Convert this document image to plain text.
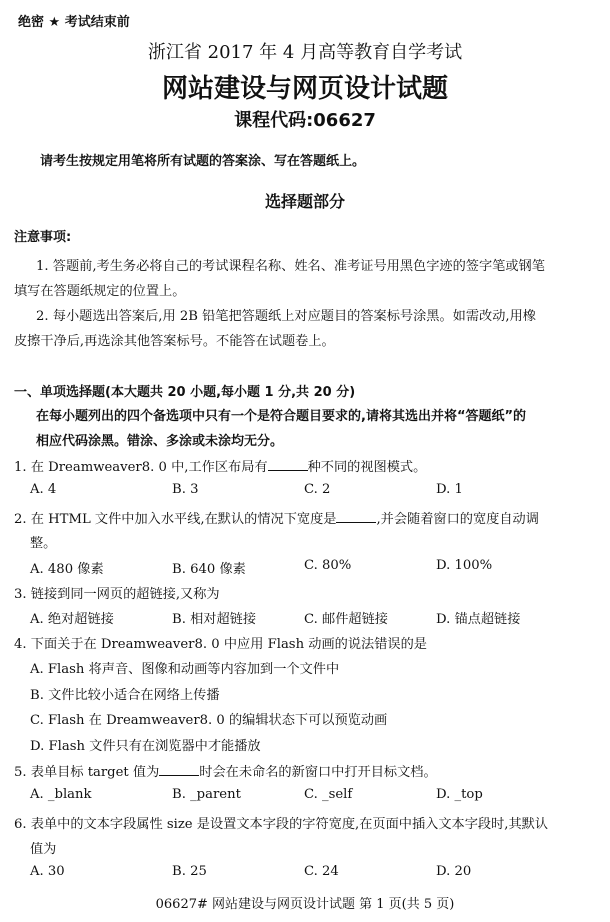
绝密 ★ 考试结束前
浙江省 2017 年 4 月高等教育自学考试
网站建设与网页设计试题
课程代码:06627
请考生按规定用笔将所有试题的答案涂、写在答题纸上。
选择题部分
注意事项:
1. 答题前,考生务必将自己的考试课程名称、姓名、准考证号用黑色字迹的签字笔或钢笔
填写在答题纸规定的位置上。
2. 每小题选出答案后,用 2B 铅笔把答题纸上对应题目的答案标号涂黑。如需改动,用橡
皮擦干净后,再选涂其他答案标号。不能答在试题卷上。
一、单项选择题(本大题共 20 小题,每小题 1 分,共 20 分)
在每小题列出的四个备选项中只有一个是符合题目要求的,请将其选出并将“答题纸”的
相应代码涂黑。错涂、多涂或未涂均无分。
1. 在 Dreamweaver8. 0 中,工作区布局有	种不同的视图模式。
A. 4	B. 3	C. 2	D. 1
2. 在 HTML 文件中加入水平线,在默认的情况下宽度是	,并会随着窗口的宽度自动调
整。
A. 480 像素	B. 640 像素	C. 80%	D. 100%
3. 链接到同一网页的超链接,又称为
A. 绝对超链接	B. 相对超链接	C. 邮件超链接	D. 锚点超链接
4. 下面关于在 Dreamweaver8. 0 中应用 Flash 动画的说法错误的是
A. Flash 将声音、图像和动画等内容加到一个文件中
B. 文件比较小适合在网络上传播
C. Flash 在 Dreamweaver8. 0 的编辑状态下可以预览动画
D. Flash 文件只有在浏览器中才能播放
5. 表单目标 target 值为	时会在未命名的新窗口中打开目标文档。
A. _blank	B. _parent	C. _self	D. _top
6. 表单中的文本字段属性 size 是设置文本字段的字符宽度,在页面中插入文本字段时,其默认
值为
A. 30	B. 25	C. 24	D. 20
06627# 网站建设与网页设计试题 第 1 页(共 5 页)
